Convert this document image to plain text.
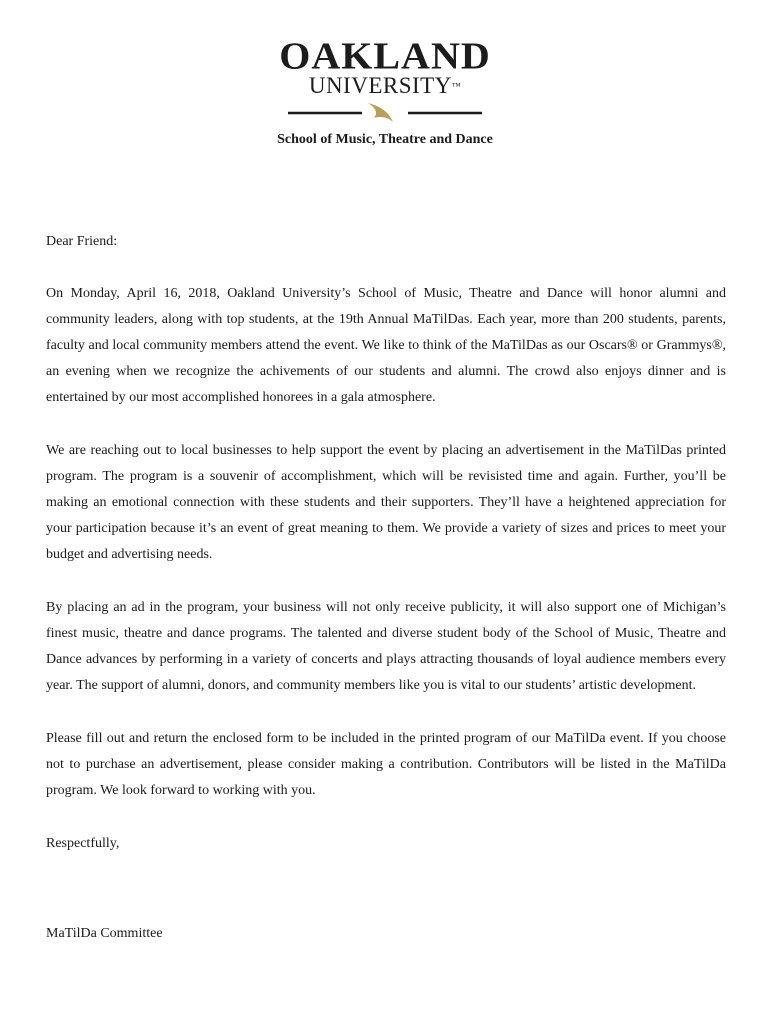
OAKLAND
UNIVERSITY™
School of Music, Theatre and Dance

Dear Friend:

On Monday, April 16, 2018, Oakland University’s School of Music, Theatre and Dance will honor alumni and community leaders, along with top students, at the 19th Annual MaTilDas. Each year, more than 200 students, parents, faculty and local community members attend the event. We like to think of the MaTilDas as our Oscars® or Grammys®, an evening when we recognize the achivements of our students and alumni. The crowd also enjoys dinner and is entertained by our most accomplished honorees in a gala atmosphere.

We are reaching out to local businesses to help support the event by placing an advertisement in the MaTilDas printed program. The program is a souvenir of accomplishment, which will be revisisted time and again. Further, you’ll be making an emotional connection with these students and their supporters. They’ll have a heightened appreciation for your participation because it’s an event of great meaning to them. We provide a variety of sizes and prices to meet your budget and advertising needs.

By placing an ad in the program, your business will not only receive publicity, it will also support one of Michigan’s finest music, theatre and dance programs. The talented and diverse student body of the School of Music, Theatre and Dance advances by performing in a variety of concerts and plays attracting thousands of loyal audience members every year. The support of alumni, donors, and community members like you is vital to our students’ artistic development.

Please fill out and return the enclosed form to be included in the printed program of our MaTilDa event. If you choose not to purchase an advertisement, please consider making a contribution. Contributors will be listed in the MaTilDa program. We look forward to working with you.

Respectfully,

MaTilDa Committee
